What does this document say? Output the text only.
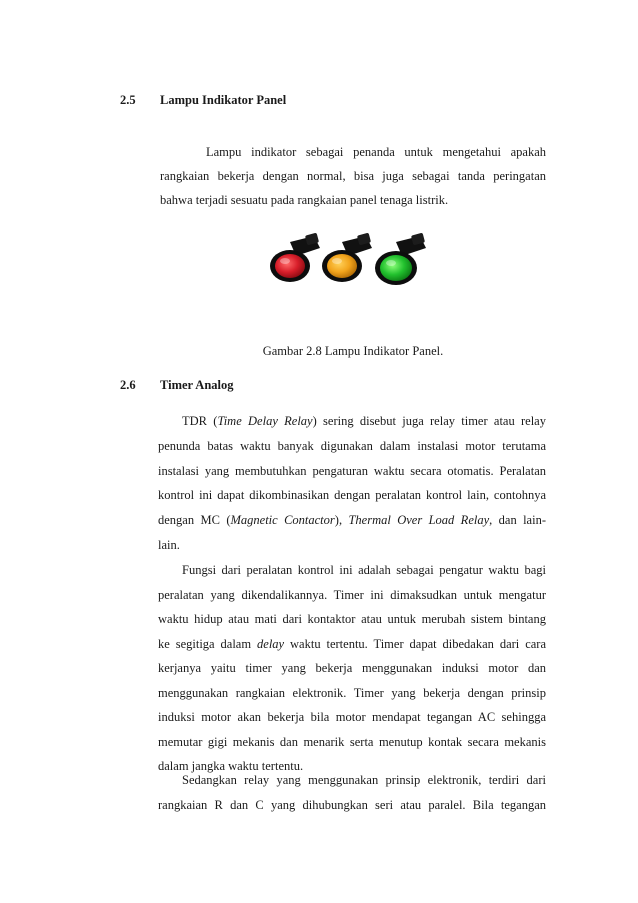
2.5 Lampu Indikator Panel
Lampu indikator sebagai penanda untuk mengetahui apakah
rangkaian bekerja dengan normal, bisa juga sebagai tanda peringatan
bahwa terjadi sesuatu pada rangkaian panel tenaga listrik.
Gambar 2.8 Lampu Indikator Panel.
2.6 Timer Analog
TDR (Time Delay Relay) sering disebut juga relay timer atau relay
penunda batas waktu banyak digunakan dalam instalasi motor terutama
instalasi yang membutuhkan pengaturan waktu secara otomatis. Peralatan
kontrol ini dapat dikombinasikan dengan peralatan kontrol lain, contohnya
dengan MC (Magnetic Contactor), Thermal Over Load Relay, dan lain-
lain.
Fungsi dari peralatan kontrol ini adalah sebagai pengatur waktu bagi
peralatan yang dikendalikannya. Timer ini dimaksudkan untuk mengatur
waktu hidup atau mati dari kontaktor atau untuk merubah sistem bintang
ke segitiga dalam delay waktu tertentu. Timer dapat dibedakan dari cara
kerjanya yaitu timer yang bekerja menggunakan induksi motor dan
menggunakan rangkaian elektronik. Timer yang bekerja dengan prinsip
induksi motor akan bekerja bila motor mendapat tegangan AC sehingga
memutar gigi mekanis dan menarik serta menutup kontak secara mekanis
dalam jangka waktu tertentu.
Sedangkan relay yang menggunakan prinsip elektronik, terdiri dari
rangkaian R dan C yang dihubungkan seri atau paralel. Bila tegangan
